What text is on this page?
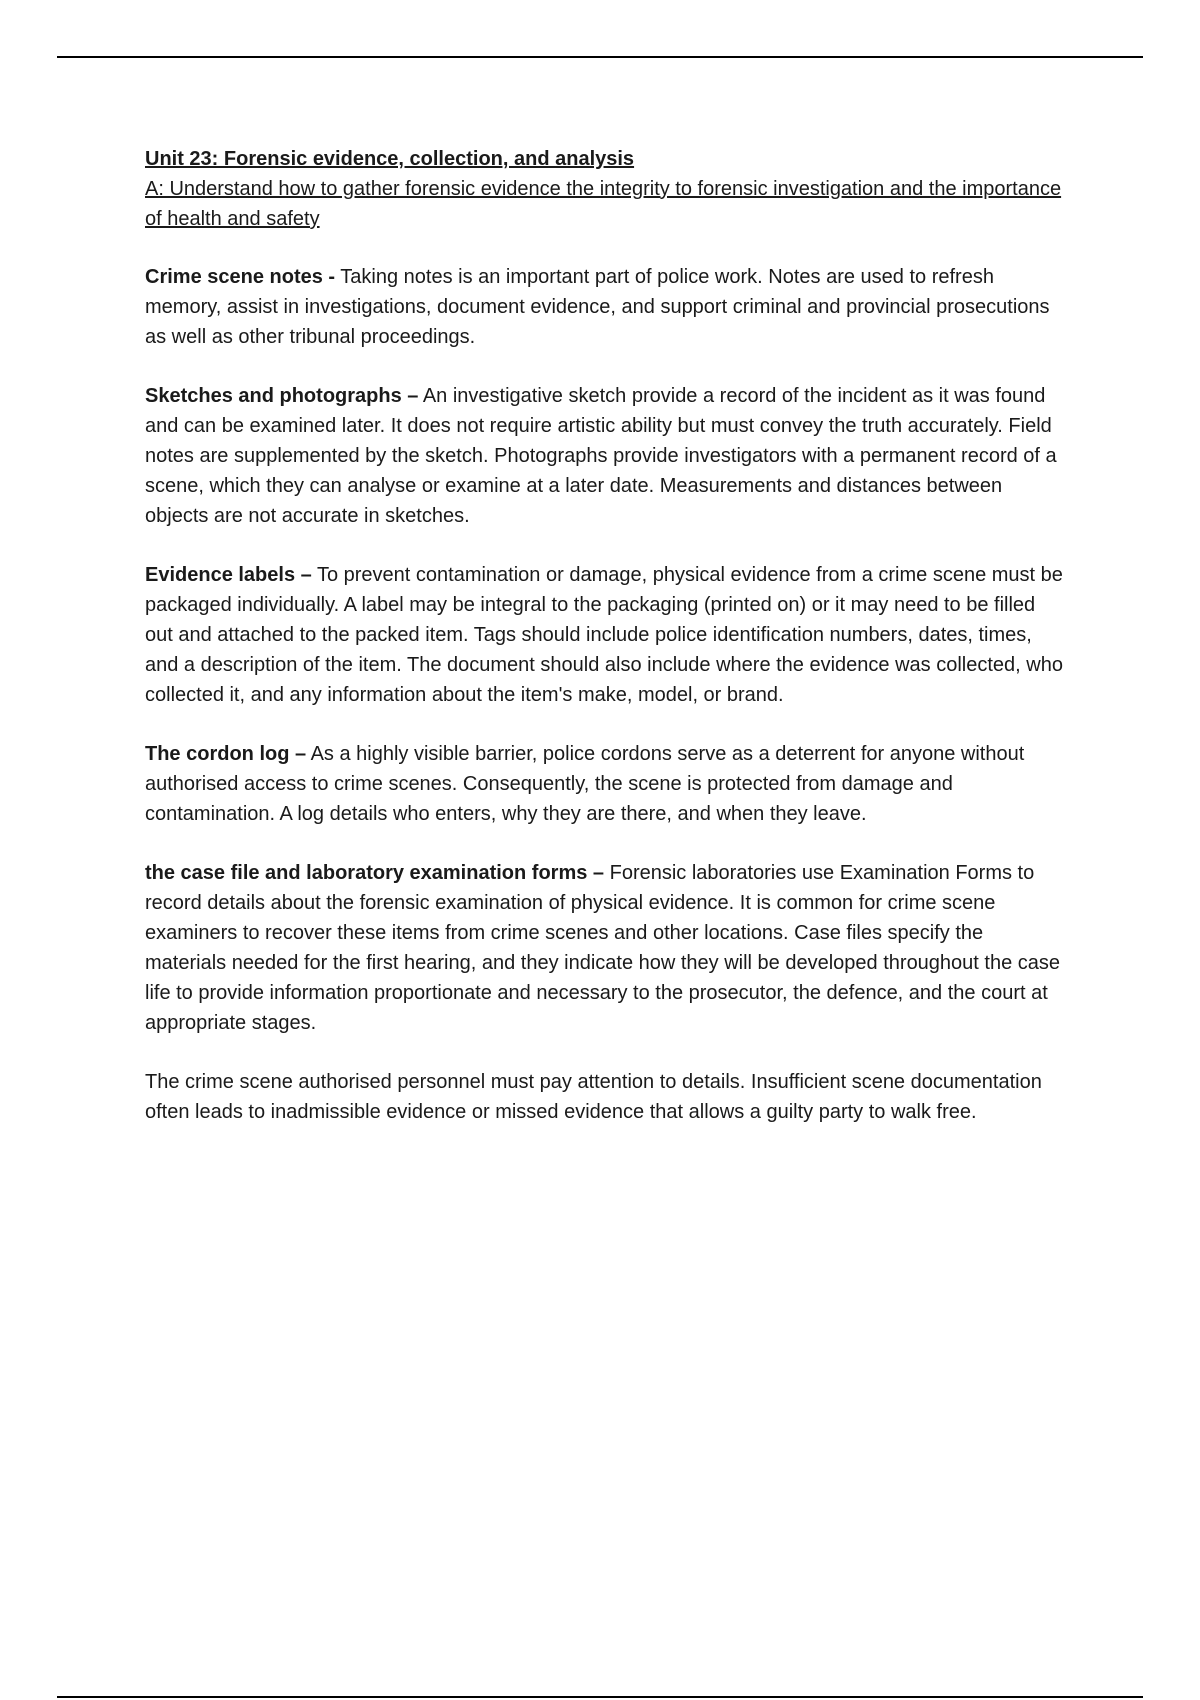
Unit 23: Forensic evidence, collection, and analysis

A: Understand how to gather forensic evidence the integrity to forensic investigation and the importance of health and safety

Crime scene notes - Taking notes is an important part of police work. Notes are used to refresh memory, assist in investigations, document evidence, and support criminal and provincial prosecutions as well as other tribunal proceedings.

Sketches and photographs – An investigative sketch provide a record of the incident as it was found and can be examined later. It does not require artistic ability but must convey the truth accurately. Field notes are supplemented by the sketch. Photographs provide investigators with a permanent record of a scene, which they can analyse or examine at a later date. Measurements and distances between objects are not accurate in sketches.

Evidence labels – To prevent contamination or damage, physical evidence from a crime scene must be packaged individually. A label may be integral to the packaging (printed on) or it may need to be filled out and attached to the packed item. Tags should include police identification numbers, dates, times, and a description of the item. The document should also include where the evidence was collected, who collected it, and any information about the item's make, model, or brand.

The cordon log – As a highly visible barrier, police cordons serve as a deterrent for anyone without authorised access to crime scenes. Consequently, the scene is protected from damage and contamination. A log details who enters, why they are there, and when they leave.

the case file and laboratory examination forms – Forensic laboratories use Examination Forms to record details about the forensic examination of physical evidence. It is common for crime scene examiners to recover these items from crime scenes and other locations. Case files specify the materials needed for the first hearing, and they indicate how they will be developed throughout the case life to provide information proportionate and necessary to the prosecutor, the defence, and the court at appropriate stages.

The crime scene authorised personnel must pay attention to details. Insufficient scene documentation often leads to inadmissible evidence or missed evidence that allows a guilty party to walk free.
